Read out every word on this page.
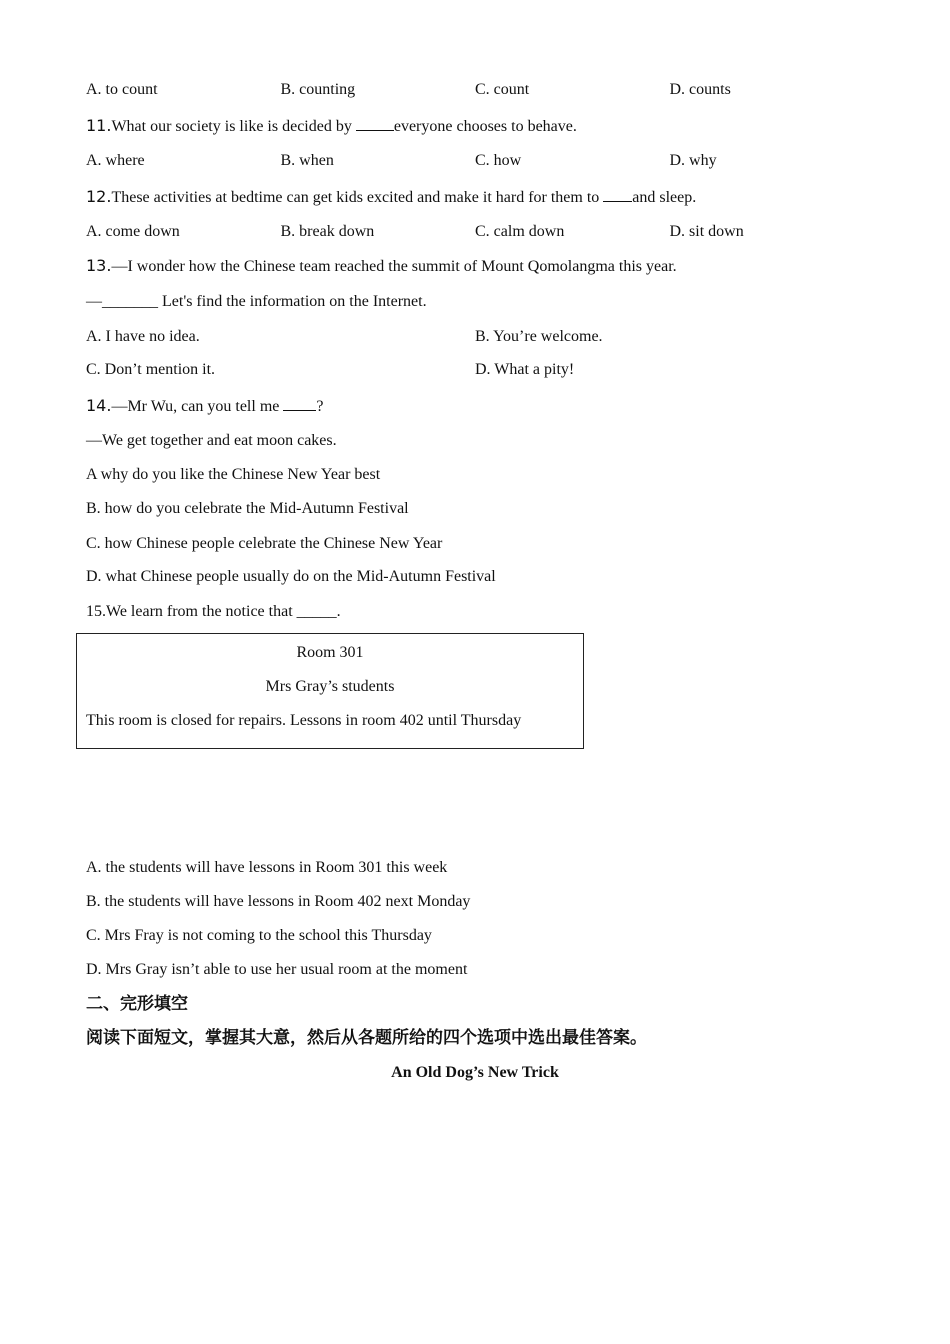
A. to count	B. counting	C. count	D. counts
11.What our society is like is decided by everyone chooses to behave.
A. where	B. when	C. how	D. why
12.These activities at bedtime can get kids excited and make it hard for them to and sleep.
A. come down	B. break down	C. calm down	D. sit down
13.—I wonder how the Chinese team reached the summit of Mount Qomolangma this year.
—_______ Let's find the information on the Internet.
A. I have no idea.	B. You’re welcome.
C. Don’t mention it.	D. What a pity!
14.—Mr Wu, can you tell me ?
—We get together and eat moon cakes.
A why do you like the Chinese New Year best
B. how do you celebrate the Mid-Autumn Festival
C. how Chinese people celebrate the Chinese New Year
D. what Chinese people usually do on the Mid-Autumn Festival
15.We learn from the notice that _____.
Room 301
Mrs Gray’s students
This room is closed for repairs. Lessons in room 402 until Thursday
A. the students will have lessons in Room 301 this week
B. the students will have lessons in Room 402 next Monday
C. Mrs Fray is not coming to the school this Thursday
D. Mrs Gray isn’t able to use her usual room at the moment
二、完形填空
阅读下面短文，掌握其大意，然后从各题所给的四个选项中选出最佳答案。
An Old Dog’s New Trick
